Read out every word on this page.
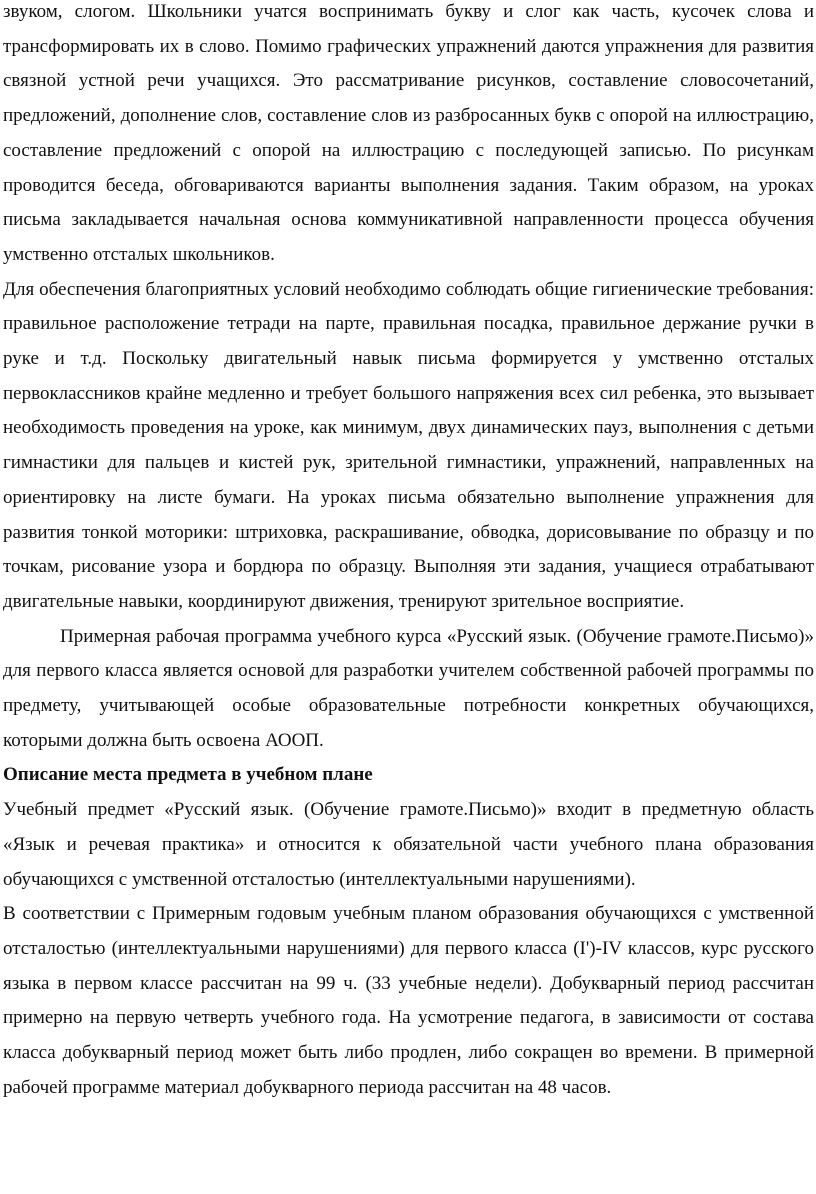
звуком, слогом. Школьники учатся воспринимать букву и слог как часть, кусочек слова и трансформировать их в слово. Помимо графических упражнений даются упражнения для развития связной устной речи учащихся. Это рассматривание рисунков, составление словосочетаний, предложений, дополнение слов, составление слов из разбросанных букв с опорой на иллюстрацию, составление предложений с опорой на иллюстрацию с последующей записью. По рисункам проводится беседа, обговариваются варианты выполнения задания. Таким образом, на уроках письма закладывается начальная основа коммуникативной направленности процесса обучения умственно отсталых школьников.

Для обеспечения благоприятных условий необходимо соблюдать общие гигиенические требования: правильное расположение тетради на парте, правильная посадка, правильное держание ручки в руке и т.д. Поскольку двигательный навык письма формируется у умственно отсталых первоклассников крайне медленно и требует большого напряжения всех сил ребенка, это вызывает необходимость проведения на уроке, как минимум, двух динамических пауз, выполнения с детьми гимнастики для пальцев и кистей рук, зрительной гимнастики, упражнений, направленных на ориентировку на листе бумаги. На уроках письма обязательно выполнение упражнения для развития тонкой моторики: штриховка, раскрашивание, обводка, дорисовывание по образцу и по точкам, рисование узора и бордюра по образцу. Выполняя эти задания, учащиеся отрабатывают двигательные навыки, координируют движения, тренируют зрительное восприятие.

Примерная рабочая программа учебного курса «Русский язык. (Обучение грамоте.Письмо)» для первого класса является основой для разработки учителем собственной рабочей программы по предмету, учитывающей особые образовательные потребности конкретных обучающихся, которыми должна быть освоена АООП.

Описание места предмета в учебном плане

Учебный предмет «Русский язык. (Обучение грамоте.Письмо)» входит в предметную область «Язык и речевая практика» и относится к обязательной части учебного плана образования обучающихся с умственной отсталостью (интеллектуальными нарушениями).

В соответствии с Примерным годовым учебным планом образования обучающихся с умственной отсталостью (интеллектуальными нарушениями) для первого класса (I')-IV классов, курс русского языка в первом классе рассчитан на 99 ч. (33 учебные недели). Добукварный период рассчитан примерно на первую четверть учебного года. На усмотрение педагога, в зависимости от состава класса добукварный период может быть либо продлен, либо сокращен во времени. В примерной рабочей программе материал добукварного периода рассчитан на 48 часов.
